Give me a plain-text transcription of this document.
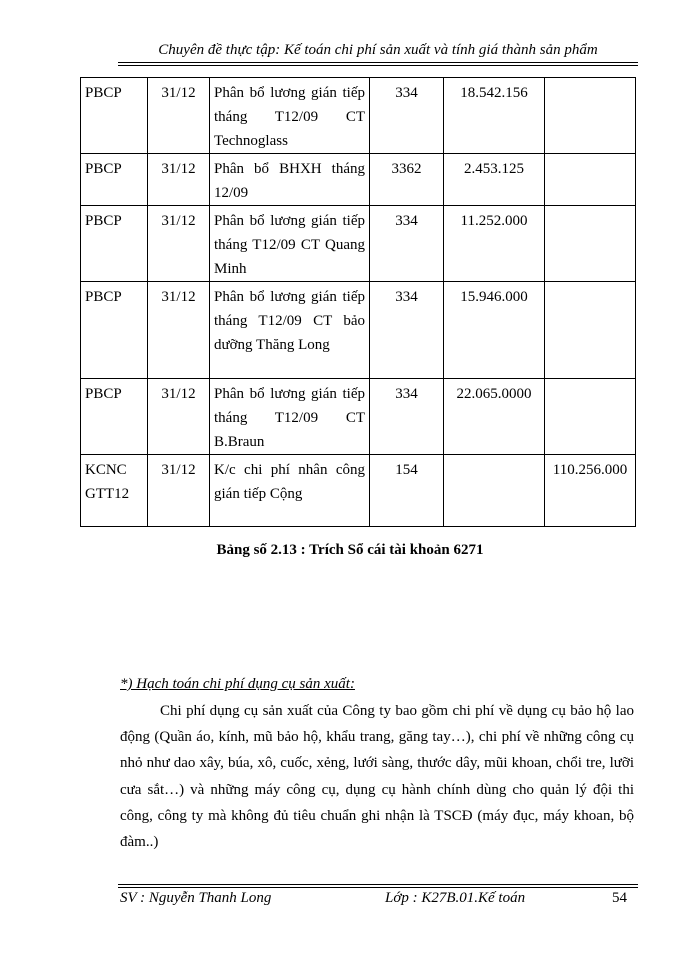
Chuyên đề thực tập: Kế toán chi phí sản xuất và tính giá thành sản phẩm
PBCP	31/12	Phân bổ lương gián tiếp tháng T12/09 CT Technoglass	334	18.542.156	
PBCP	31/12	Phân bổ BHXH tháng 12/09	3362	2.453.125	
PBCP	31/12	Phân bổ lương gián tiếp tháng T12/09 CT Quang Minh	334	11.252.000	
PBCP	31/12	Phân bổ lương gián tiếp tháng T12/09 CT bảo dưỡng Thăng Long	334	15.946.000	
PBCP	31/12	Phân bổ lương gián tiếp tháng T12/09 CT B.Braun	334	22.065.0000	
KCNC GTT12	31/12	K/c chi phí nhân công gián tiếp Cộng	154		110.256.000
Bảng số 2.13 : Trích Sổ cái tài khoản 6271
*) Hạch toán chi phí dụng cụ sản xuất:
Chi phí dụng cụ sản xuất của Công ty bao gồm chi phí về dụng cụ bảo hộ lao động (Quần áo, kính, mũ bảo hộ, khẩu trang, găng tay…), chi phí về những công cụ nhỏ như dao xây, búa, xô, cuốc, xẻng, lưới sàng, thước dây, mũi khoan, chổi tre, lưỡi cưa sắt…) và những máy công cụ, dụng cụ hành chính dùng cho quản lý đội thi công, công ty mà không đủ tiêu chuẩn ghi nhận là TSCĐ (máy đục, máy khoan, bộ đàm..)
SV : Nguyễn Thanh Long	Lớp : K27B.01.Kế toán	54
